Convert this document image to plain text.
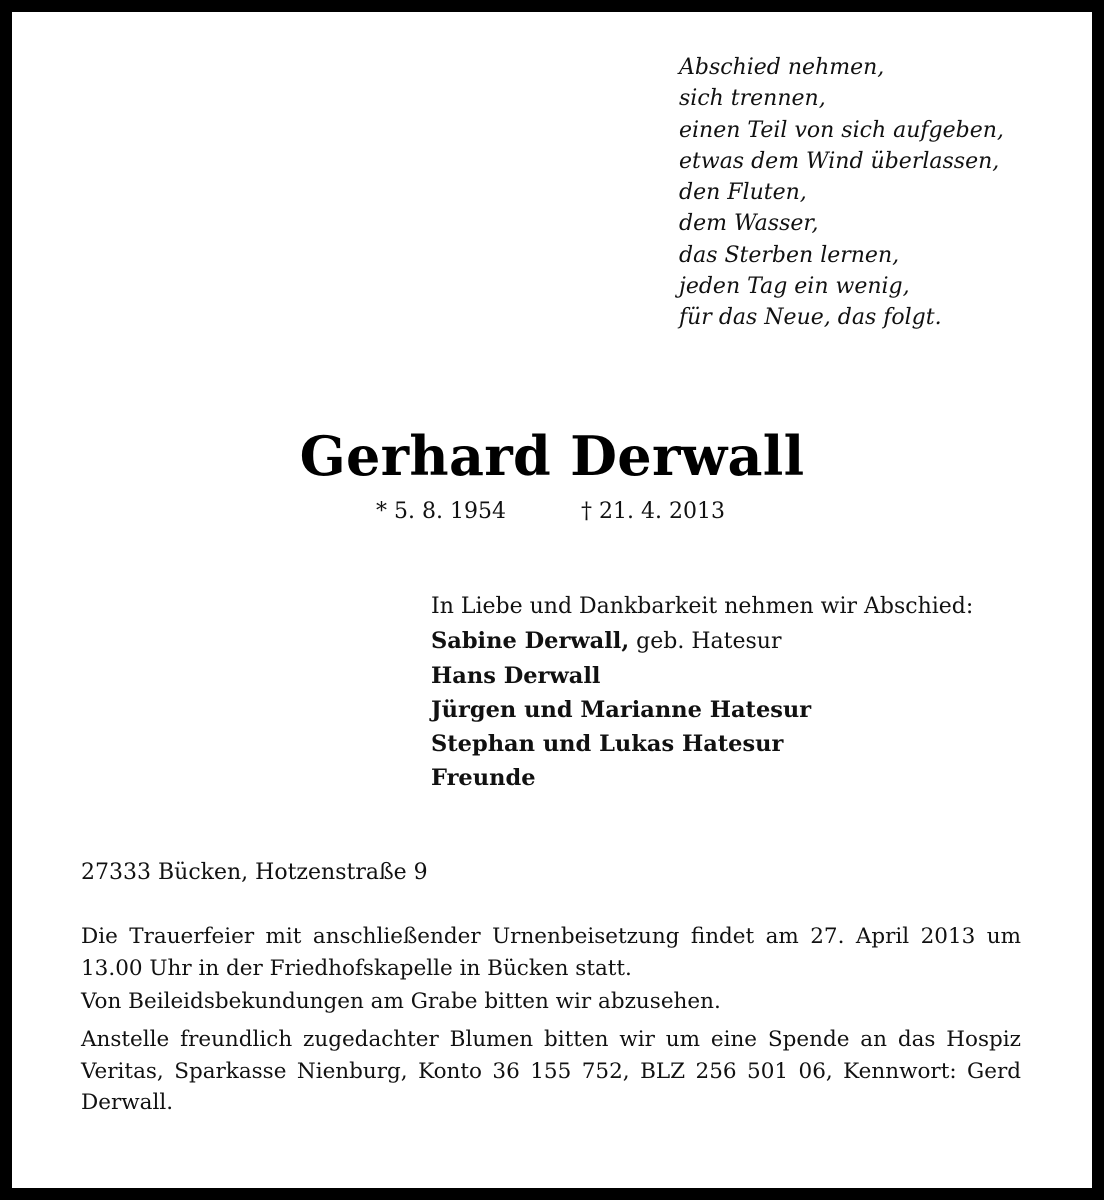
Abschied nehmen,
sich trennen,
einen Teil von sich aufgeben,
etwas dem Wind überlassen,
den Fluten,
dem Wasser,
das Sterben lernen,
jeden Tag ein wenig,
für das Neue, das folgt.
Gerhard Derwall
* 5. 8. 1954	† 21. 4. 2013
In Liebe und Dankbarkeit nehmen wir Abschied:
Sabine Derwall, geb. Hatesur
Hans Derwall
Jürgen und Marianne Hatesur
Stephan und Lukas Hatesur
Freunde
27333 Bücken, Hotzenstraße 9
Die Trauerfeier mit anschließender Urnenbeisetzung findet am 27. April 2013 um 13.00 Uhr in der Friedhofskapelle in Bücken statt.
Von Beileidsbekundungen am Grabe bitten wir abzusehen.
Anstelle freundlich zugedachter Blumen bitten wir um eine Spende an das Hospiz Veritas, Sparkasse Nienburg, Konto 36 155 752, BLZ 256 501 06, Kennwort: Gerd Derwall.
